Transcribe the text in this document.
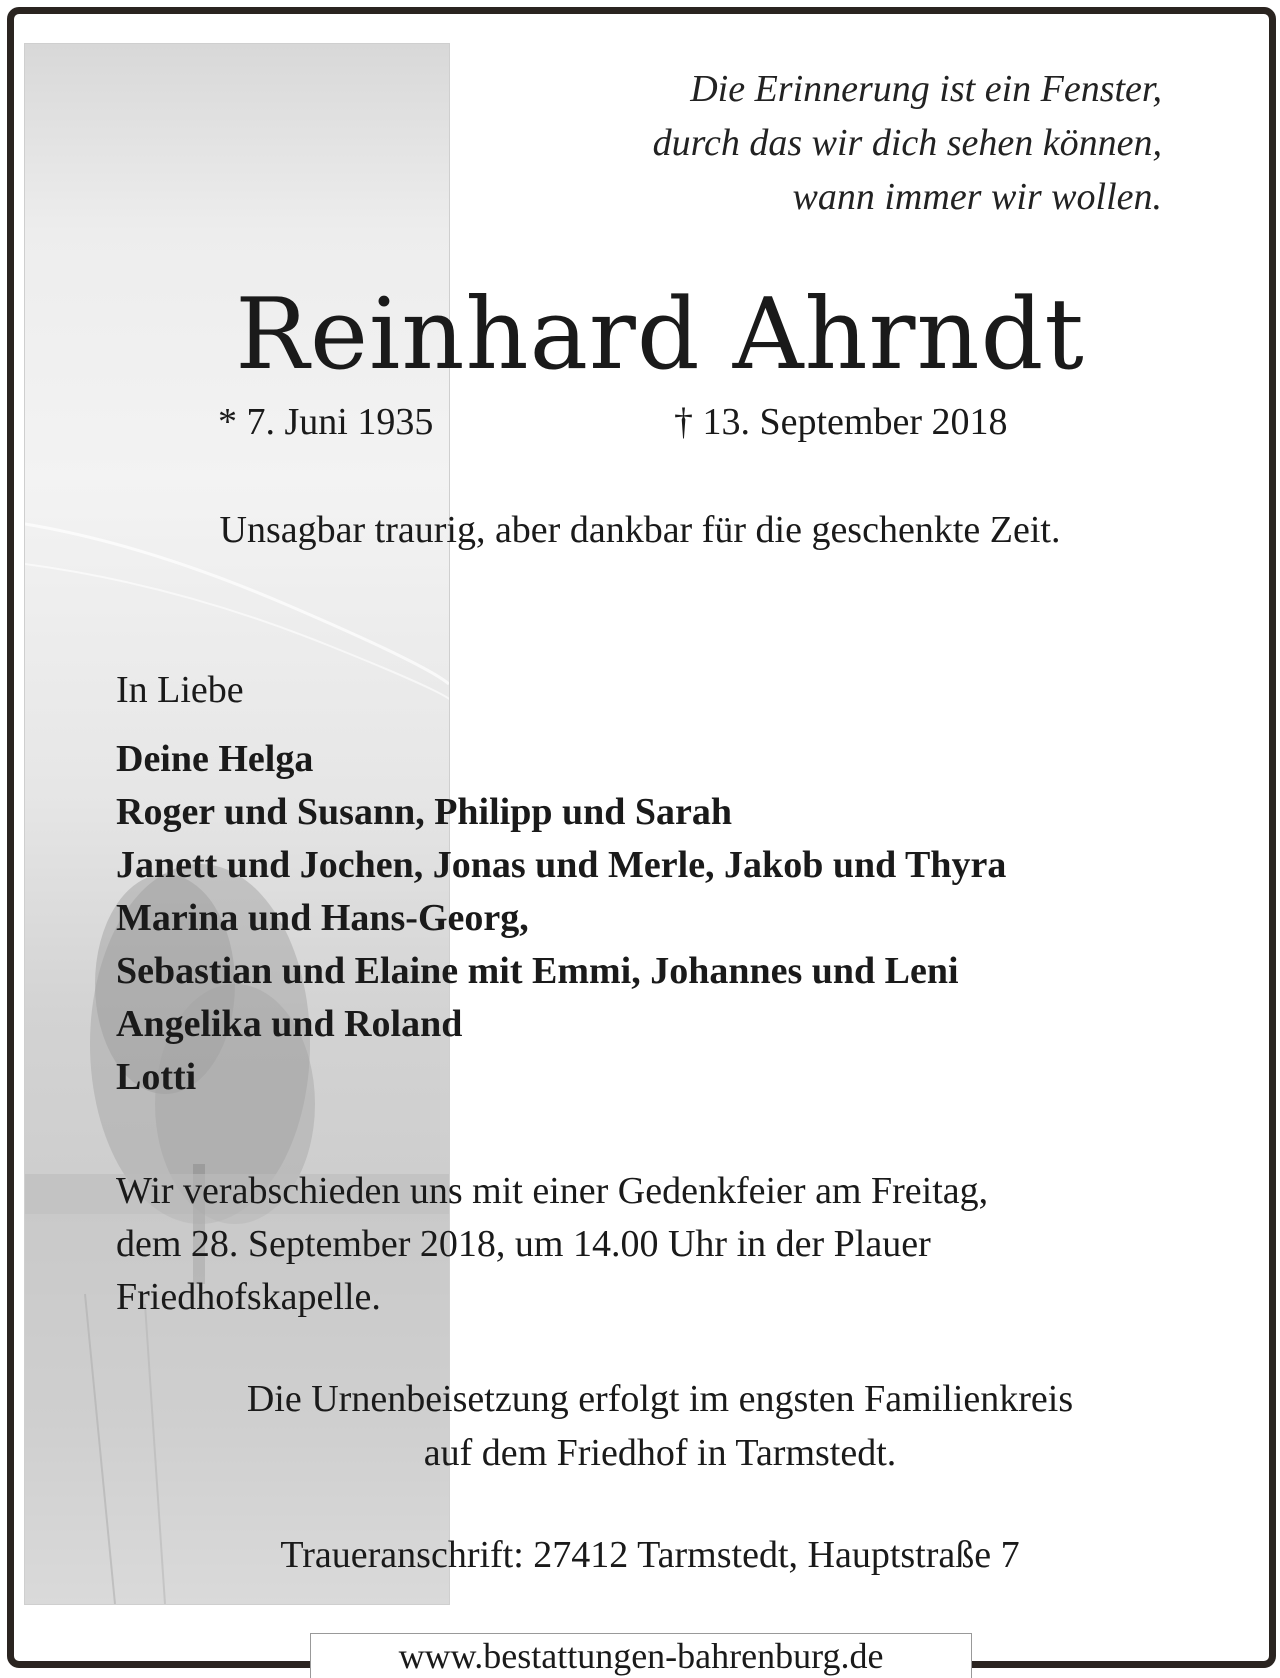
Die Erinnerung ist ein Fenster,
durch das wir dich sehen können,
wann immer wir wollen.
Reinhard Ahrndt
* 7. Juni 1935	† 13. September 2018
Unsagbar traurig, aber dankbar für die geschenkte Zeit.
In Liebe
Deine Helga
Roger und Susann, Philipp und Sarah
Janett und Jochen, Jonas und Merle, Jakob und Thyra
Marina und Hans-Georg,
Sebastian und Elaine mit Emmi, Johannes und Leni
Angelika und Roland
Lotti

Wir verabschieden uns mit einer Gedenkfeier am Freitag,
dem 28. September 2018, um 14.00 Uhr in der Plauer
Friedhofskapelle.

Die Urnenbeisetzung erfolgt im engsten Familienkreis
auf dem Friedhof in Tarmstedt.
Traueranschrift: 27412 Tarmstedt, Hauptstraße 7
www.bestattungen-bahrenburg.de
